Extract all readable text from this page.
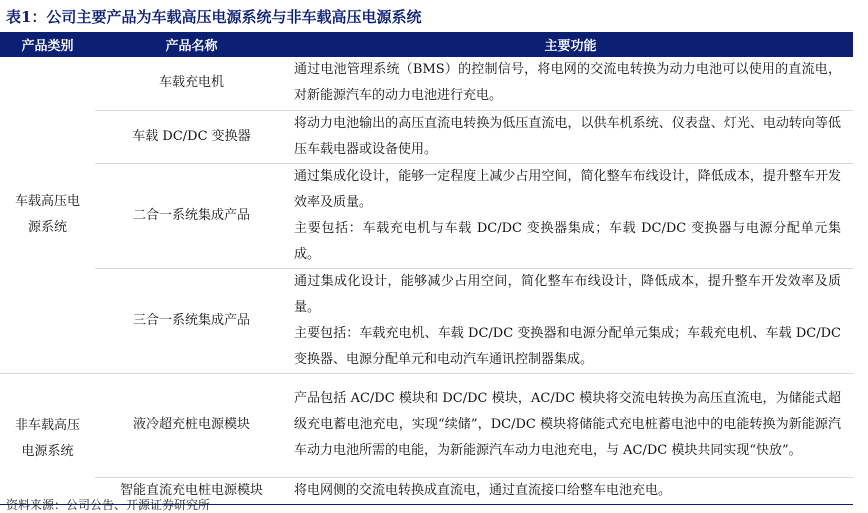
表1：公司主要产品为车载高压电源系统与非车载高压电源系统
产品类别	产品名称	主要功能

车载高压电
源系统	车载充电机	通过电池管理系统（BMS）的控制信号，将电网的交流电转换为动力电池可以使用的直流电，对新能源汽车的动力电池进行充电。

	车载 DC/DC 变换器	将动力电池输出的高压直流电转换为低压直流电，以供车机系统、仪表盘、灯光、电动转向等低压车载电器或设备使用。

	二合一系统集成产品	通过集成化设计，能够一定程度上减少占用空间，简化整车布线设计，降低成本，提升整车开发效率及质量。

主要包括：车载充电机与车载 DC/DC 变换器集成；车载 DC/DC 变换器与电源分配单元集成。

	三合一系统集成产品	通过集成化设计，能够减少占用空间，简化整车布线设计，降低成本，提升整车开发效率及质量。

主要包括：车载充电机、车载 DC/DC 变换器和电源分配单元集成；车载充电机、车载 DC/DC 变换器、电源分配单元和电动汽车通讯控制器集成。

非车载高压
电源系统	液冷超充桩电源模块	产品包括 AC/DC 模块和 DC/DC 模块，AC/DC 模块将交流电转换为高压直流电，为储能式超级充电蓄电池充电，实现“续储”，DC/DC 模块将储能式充电桩蓄电池中的电能转换为新能源汽车动力电池所需的电能，为新能源汽车动力电池充电，与 AC/DC 模块共同实现“快放”。

	智能直流充电桩电源模块	将电网侧的交流电转换成直流电，通过直流接口给整车电池充电。

资料来源：公司公告、开源证券研究所
